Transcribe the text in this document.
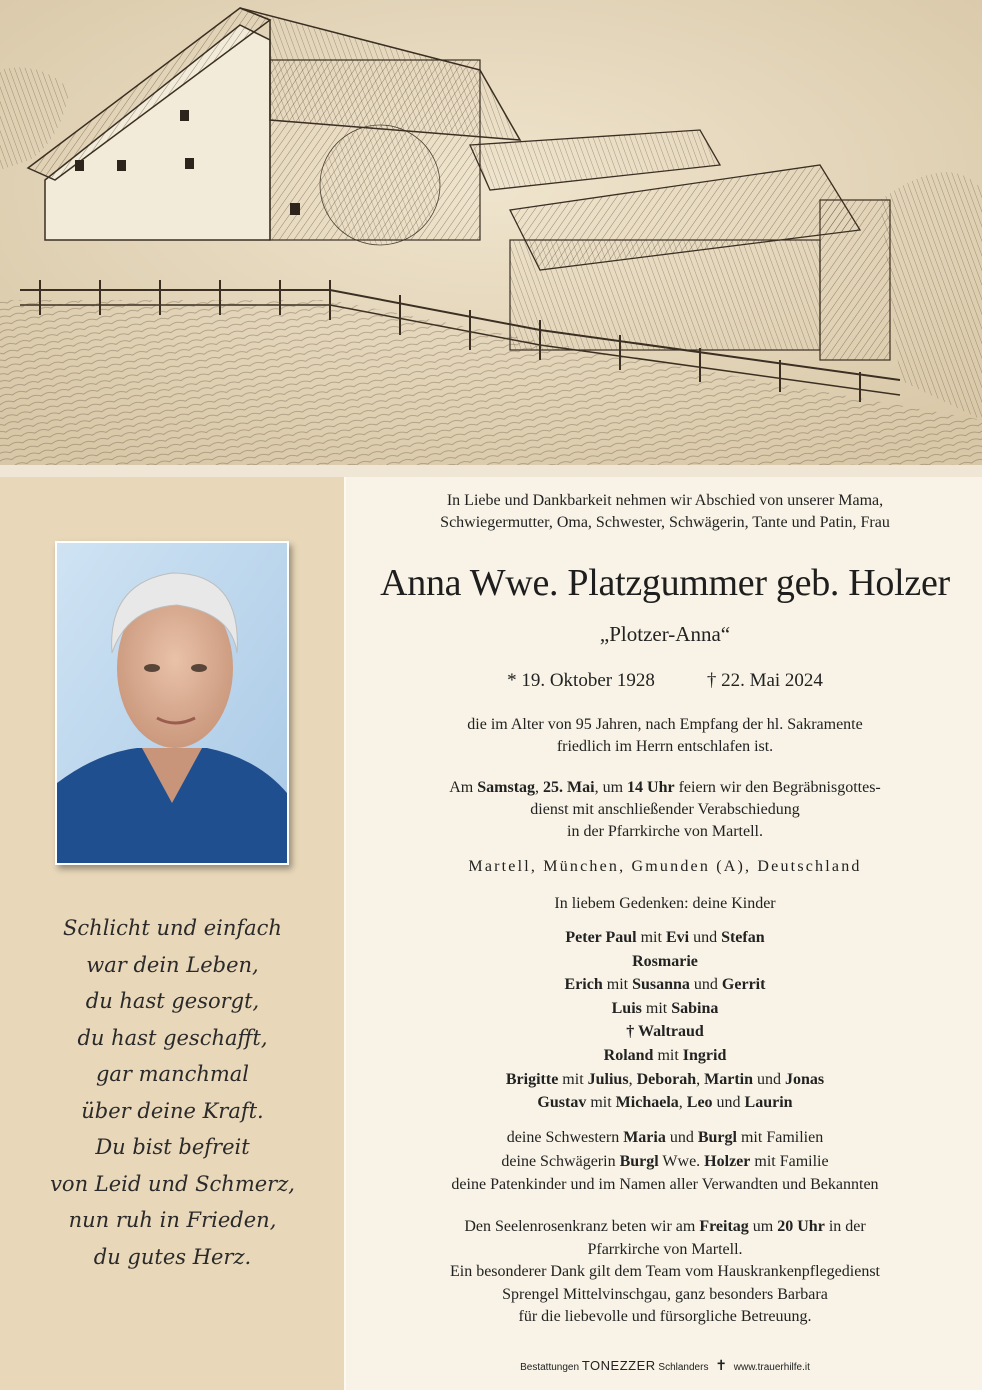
Schlicht und einfach
war dein Leben,
du hast gesorgt,
du hast geschafft,
gar manchmal
über deine Kraft.
Du bist befreit
von Leid und Schmerz,
nun ruh in Frieden,
du gutes Herz.
In Liebe und Dankbarkeit nehmen wir Abschied von unserer Mama,
Schwiegermutter, Oma, Schwester, Schwägerin, Tante und Patin, Frau
Anna Wwe. Platzgummer geb. Holzer
„Plotzer-Anna“
* 19. Oktober 1928	† 22. Mai 2024
die im Alter von 95 Jahren, nach Empfang der hl. Sakramente
friedlich im Herrn entschlafen ist.
Am Samstag, 25. Mai, um 14 Uhr feiern wir den Begräbnisgottes-
dienst mit anschließender Verabschiedung
in der Pfarrkirche von Martell.
Martell, München, Gmunden (A), Deutschland
In liebem Gedenken: deine Kinder
Peter Paul mit Evi und Stefan
Rosmarie
Erich mit Susanna und Gerrit
Luis mit Sabina
† Waltraud
Roland mit Ingrid
Brigitte mit Julius, Deborah, Martin und Jonas
Gustav mit Michaela, Leo und Laurin
deine Schwestern Maria und Burgl mit Familien
deine Schwägerin Burgl Wwe. Holzer mit Familie
deine Patenkinder und im Namen aller Verwandten und Bekannten
Den Seelenrosenkranz beten wir am Freitag um 20 Uhr in der
Pfarrkirche von Martell.
Ein besonderer Dank gilt dem Team vom Hauskrankenpflegedienst
Sprengel Mittelvinschgau, ganz besonders Barbara
für die liebevolle und fürsorgliche Betreuung.
Bestattungen TONEZZER Schlanders ✝ www.trauerhilfe.it
